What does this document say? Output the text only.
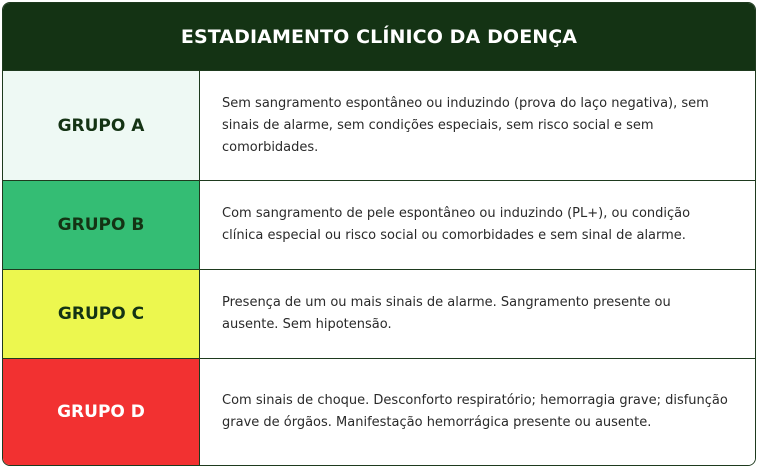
ESTADIAMENTO CLÍNICO DA DOENÇA
GRUPO A
Sem sangramento espontâneo ou induzindo (prova do laço negativa), sem sinais de alarme, sem condições especiais, sem risco social e sem comorbidades.
GRUPO B
Com sangramento de pele espontâneo ou induzindo (PL+), ou condição clínica especial ou risco social ou comorbidades e sem sinal de alarme.
GRUPO C
Presença de um ou mais sinais de alarme. Sangramento presente ou ausente. Sem hipotensão.
GRUPO D
Com sinais de choque. Desconforto respiratório; hemorragia grave; disfunção grave de órgãos. Manifestação hemorrágica presente ou ausente.
